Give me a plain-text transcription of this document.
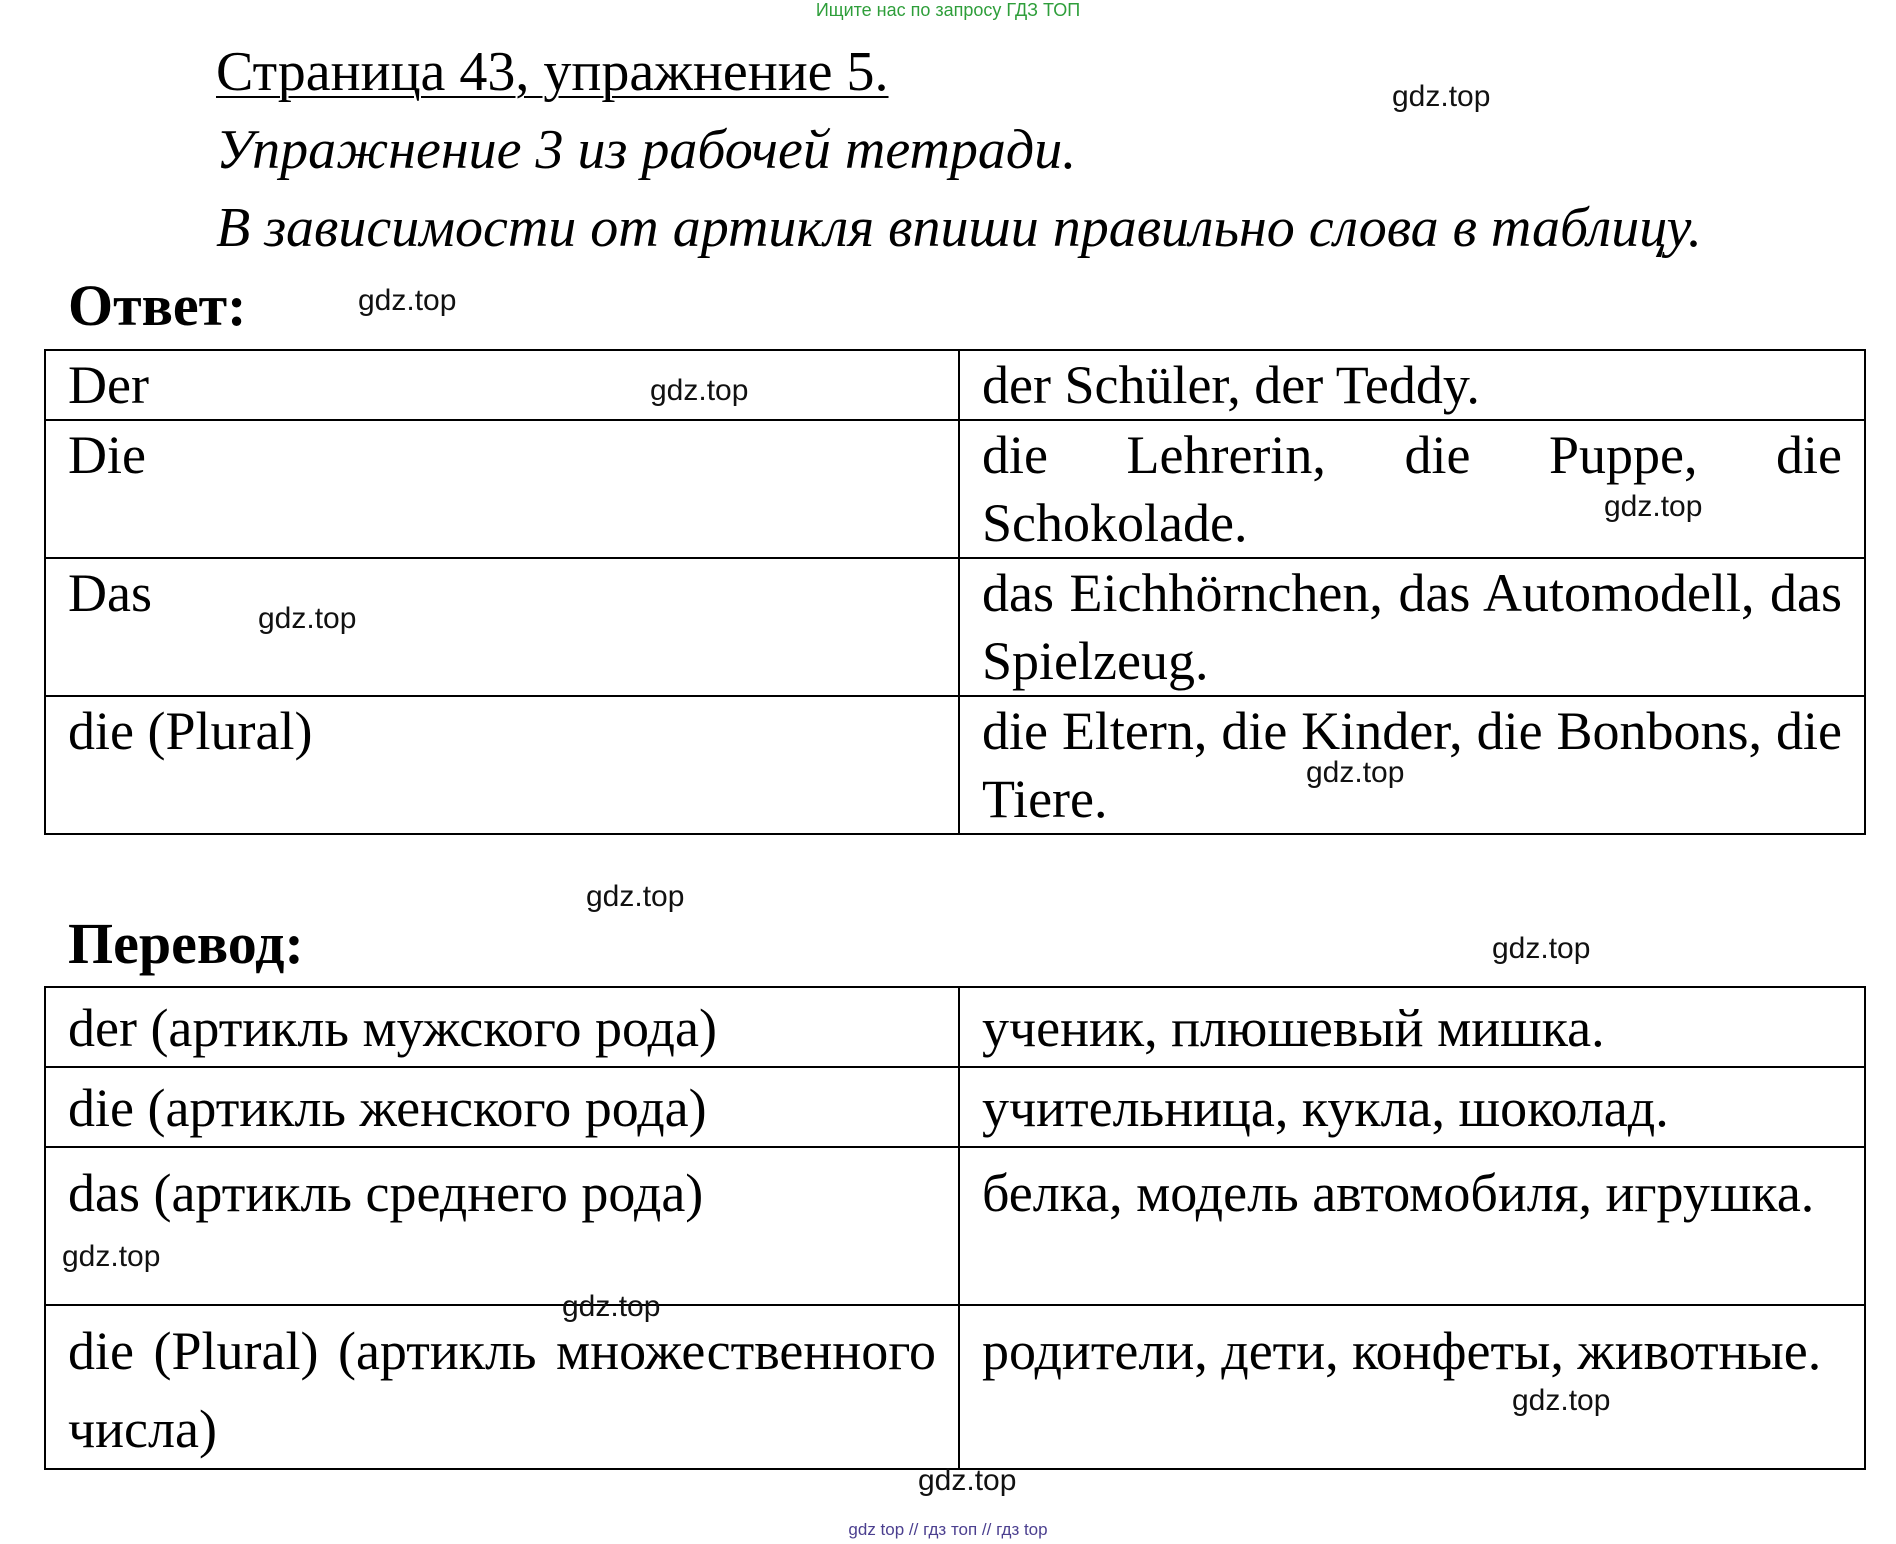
Ищите нас по запросу ГДЗ ТОП
Страница 43, упражнение 5.
Упражнение 3 из рабочей тетради.
В зависимости от артикля впиши правильно слова в таблицу.
Ответ:
Der	der Schüler, der Teddy.
Die	die Lehrerin, die Puppe, die Schokolade.
Das	das Eichhörnchen, das Automodell, das Spielzeug.
die (Plural)	die Eltern, die Kinder, die Bonbons, die Tiere.
Перевод:
der (артикль мужского рода)	ученик, плюшевый мишка.
die (артикль женского рода)	учительница, кукла, шоколад.
das (артикль среднего рода)	белка, модель автомобиля, игрушка.
die (Plural) (артикль множественного числа)	родители, дети, конфеты, животные.
gdz.top
gdz.top
gdz.top
gdz.top
gdz.top
gdz.top
gdz.top
gdz.top
gdz.top
gdz.top
gdz.top
gdz.top
gdz top // гдз топ // гдз top
